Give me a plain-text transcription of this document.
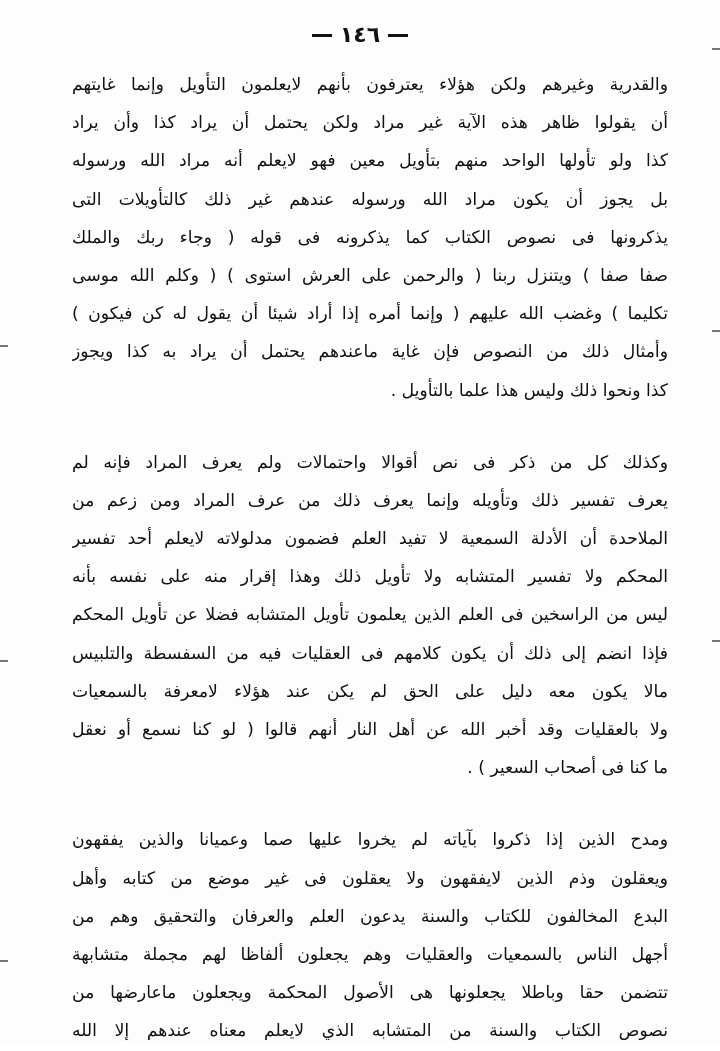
١٤٦
والقدرية وغيرهم ولكن هؤلاء يعترفون بأنهم لايعلمون التأويل وإنما غايتهم
أن يقولوا ظاهر هذه الآية غير مراد ولكن يحتمل أن يراد كذا وأن يراد
كذا ولو تأولها الواحد منهم بتأويل معين فهو لايعلم أنه مراد الله ورسوله
بل يجوز أن يكون مراد الله ورسوله عندهم غير ذلك كالتأويلات التى
يذكرونها فى نصوص الكتاب كما يذكرونه فى قوله ( وجاء ربك والملك
صفا صفا ) ويتنزل ربنا ( والرحمن على العرش استوى ) ( وكلم الله موسى
تكليما ) وغضب الله عليهم ( وإنما أمره إذا أراد شيئا أن يقول له كن فيكون )
وأمثال ذلك من النصوص فإن غاية ماعندهم يحتمل أن يراد به كذا ويجوز
كذا ونحوا ذلك وليس هذا علما بالتأويل .
وكذلك كل من ذكر فى نص أقوالا واحتمالات ولم يعرف المراد فإنه لم
يعرف تفسير ذلك وتأويله وإنما يعرف ذلك من عرف المراد ومن زعم من
الملاحدة أن الأدلة السمعية لا تفيد العلم فضمون مدلولاته لايعلم أحد تفسير
المحكم ولا تفسير المتشابه ولا تأويل ذلك وهذا إقرار منه على نفسه بأنه
ليس من الراسخين فى العلم الذين يعلمون تأويل المتشابه فضلا عن تأويل المحكم
فإذا انضم إلى ذلك أن يكون كلامهم فى العقليات فيه من السفسطة والتلبيس
مالا يكون معه دليل على الحق لم يكن عند هؤلاء لامعرفة بالسمعيات
ولا بالعقليات وقد أخبر الله عن أهل النار أنهم قالوا ( لو كنا نسمع أو نعقل
ما كنا فى أصحاب السعير ) .
ومدح الذين إذا ذكروا بآياته لم يخروا عليها صما وعميانا والذين يفقهون
ويعقلون وذم الذين لايفقهون ولا يعقلون فى غير موضع من كتابه وأهل
البدع المخالفون للكتاب والسنة يدعون العلم والعرفان والتحقيق وهم من
أجهل الناس بالسمعيات والعقليات وهم يجعلون ألفاظا لهم مجملة متشابهة
تتضمن حقا وباطلا يجعلونها هى الأصول المحكمة ويجعلون ماعارضها من
نصوص الكتاب والسنة من المتشابه الذي لايعلم معناه عندهم إلا الله
